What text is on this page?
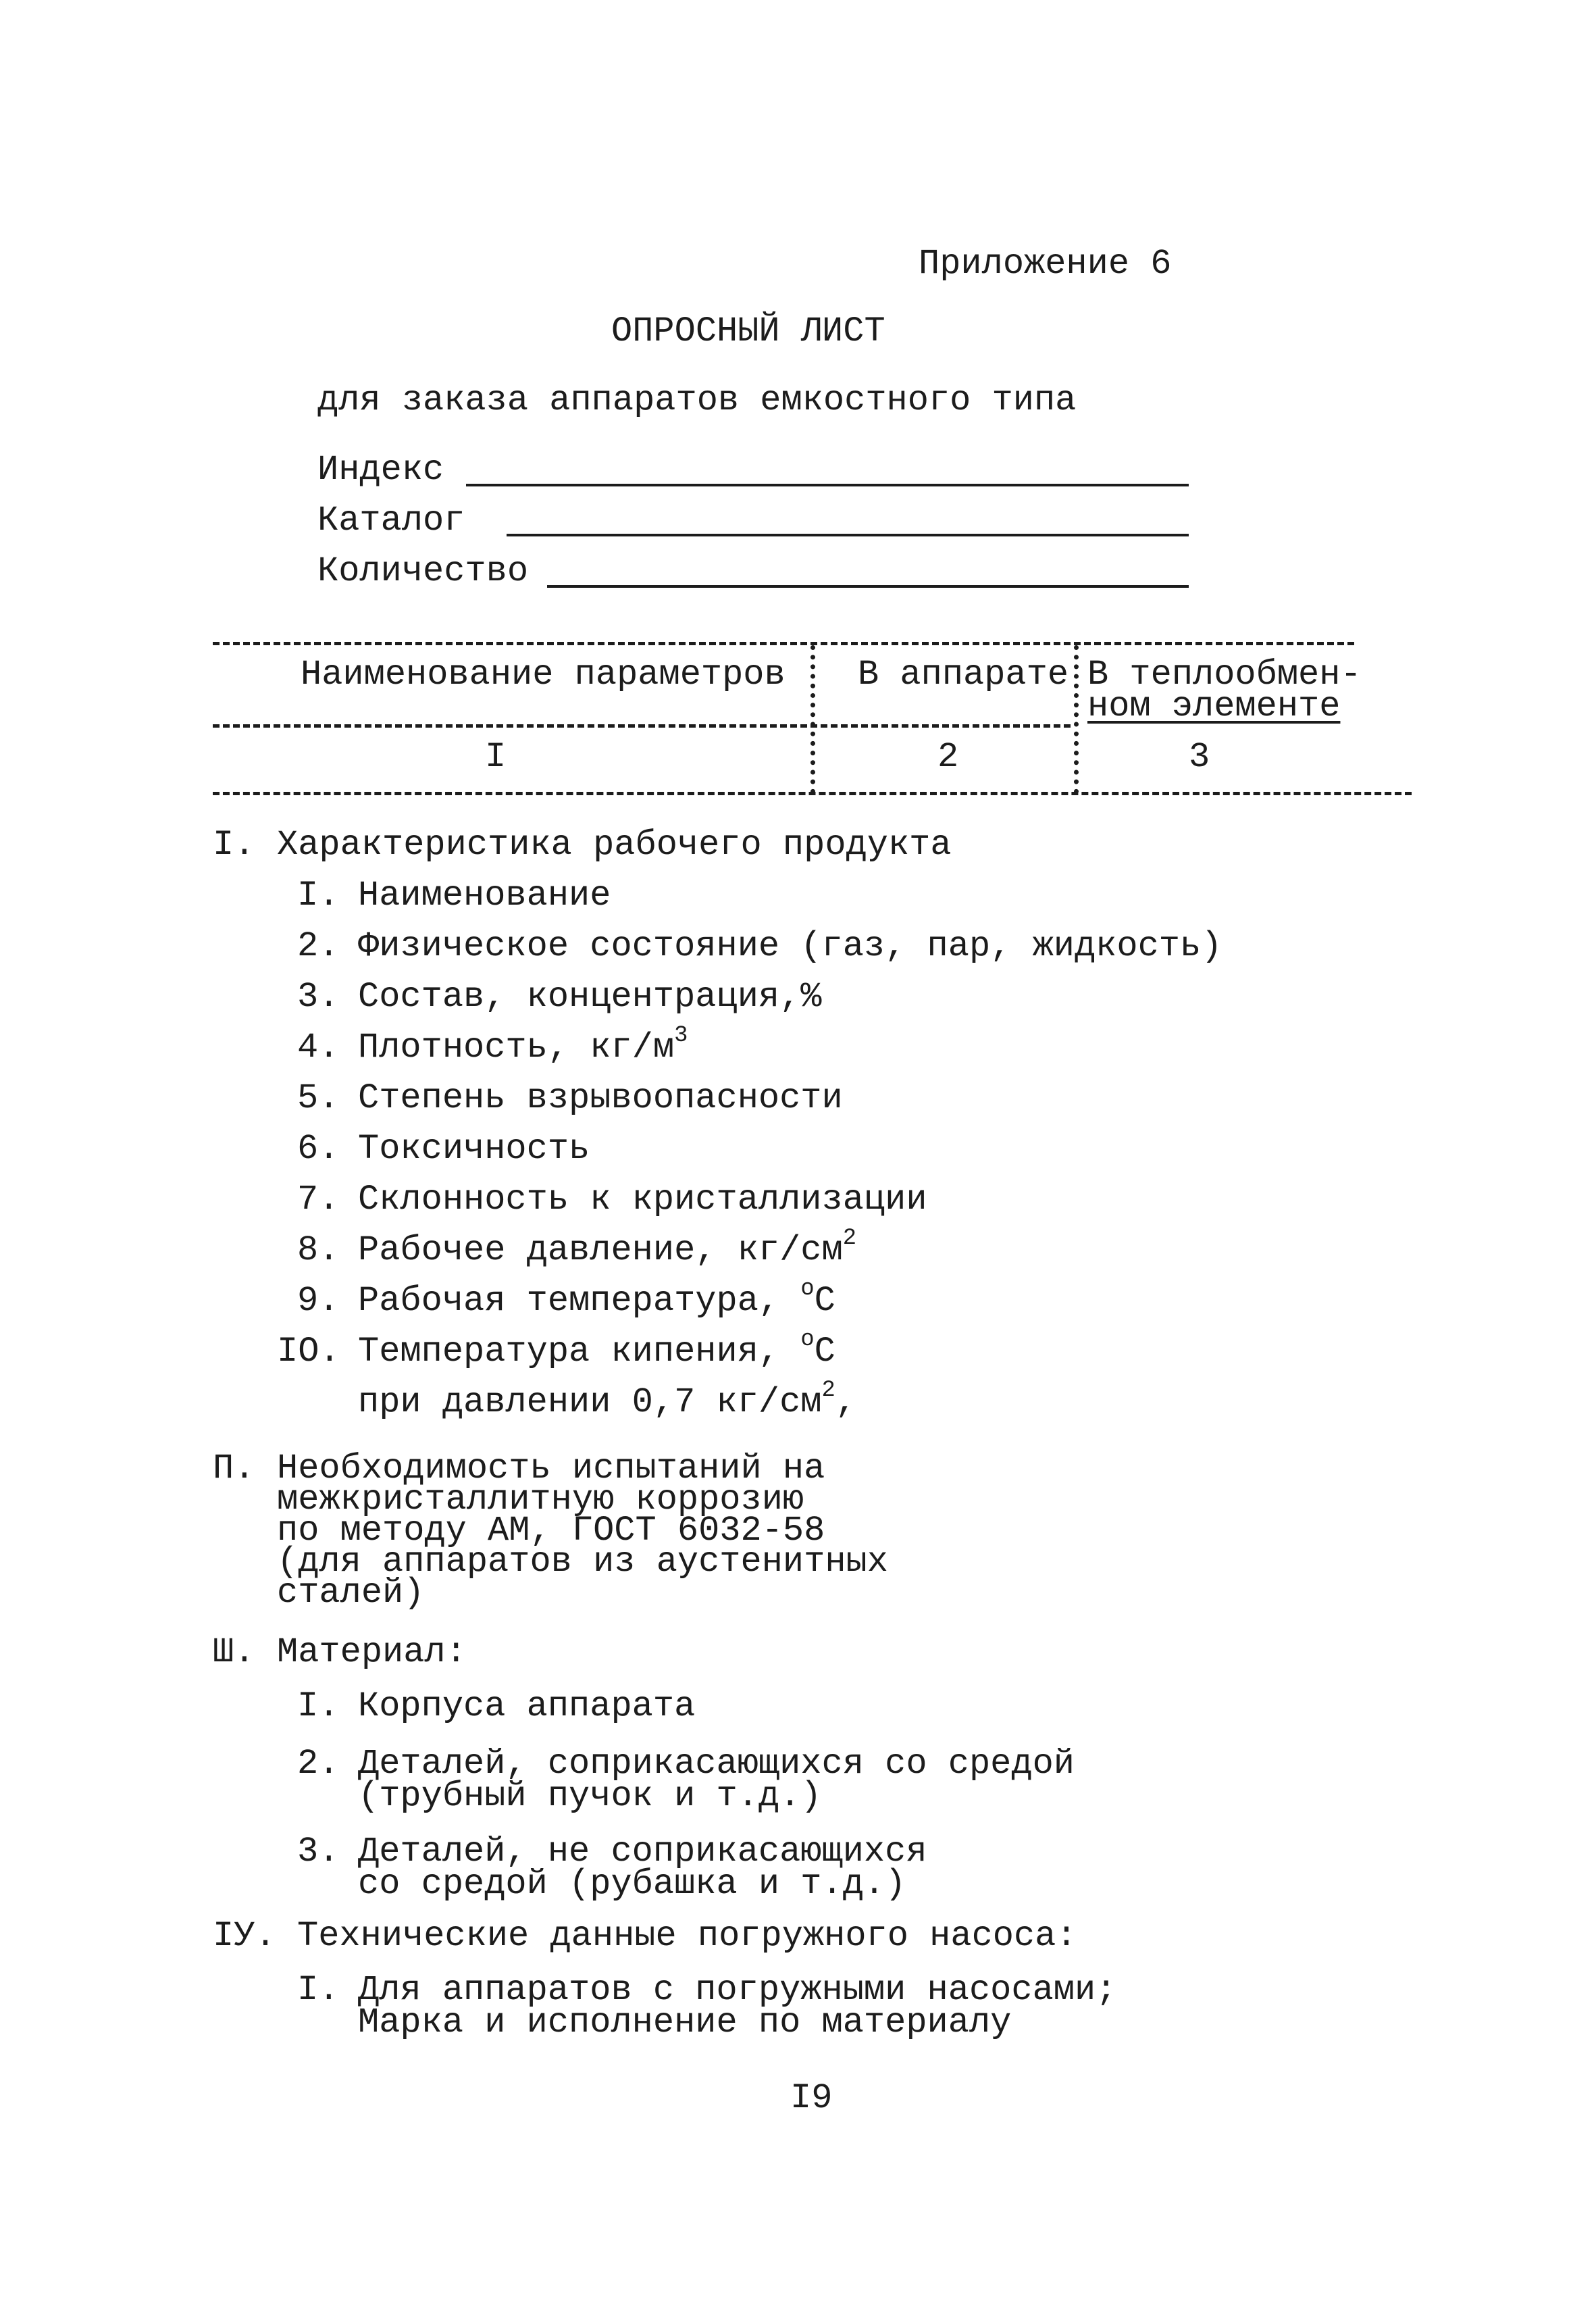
Приложение 6
ОПРОСНЫЙ ЛИСТ
для заказа аппаратов емкостного типа
Индекс
Каталог
Количество
Наименование параметров В аппарате В теплообмен-
ном элементе
I	2	3
I. Характеристика рабочего продукта
I. Наименование
2. Физическое состояние (газ, пар, жидкость)
3. Состав, концентрация,%
4. Плотность, $кг/м^3$
5. Степень взрывоопасности
6. Токсичность
7. Склонность к кристаллизации
8. Рабочее давление, $кг/см^2$
9. Рабочая температура, $^о$С
IO. Температура кипения, $^о$С
при давлении 0,7 $кг/см^2$,
П. Необходимость испытаний на
межкристаллитную коррозию
по методу АМ, ГОСТ 6032-58
(для аппаратов из аустенитных
сталей)
Ш. Материал:
I. Корпуса аппарата
2. Деталей, соприкасающихся со средой
(трубный пучок и т.д.)
3. Деталей, не соприкасающихся
со средой (рубашка и т.д.)
IУ. Технические данные погружного насоса:
I. Для аппаратов с погружными насосами;
Марка и исполнение по материалу
I9
